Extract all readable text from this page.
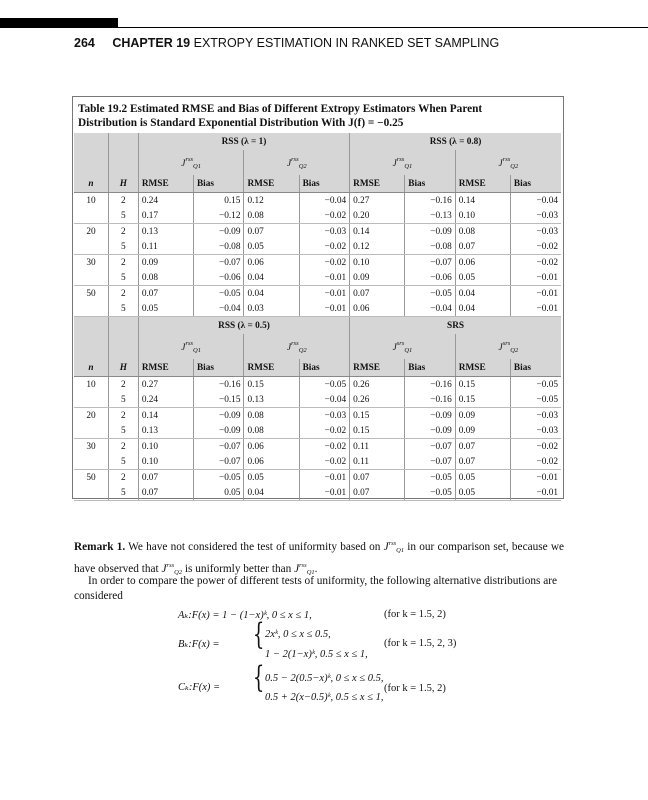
264 CHAPTER 19 EXTROPY ESTIMATION IN RANKED SET SAMPLING
Table 19.2 Estimated RMSE and Bias of Different Extropy Estimators When Parent
Distribution is Standard Exponential Distribution With J(f) = −0.25
		RSS (λ = 1)				RSS (λ = 0.8)			
		$J^{rss}_{Q1}$		$J^{rss}_{Q2}$		$J^{rss}_{Q1}$		$J^{rss}_{Q2}$
n	H	RMSE	Bias	RMSE	Bias	RMSE	Bias	RMSE	Bias
10	2	0.24	0.15	0.12	−0.04	0.27	−0.16	0.14	−0.04
	5	0.17	−0.12	0.08	−0.02	0.20	−0.13	0.10	−0.03
20	2	0.13	−0.09	0.07	−0.03	0.14	−0.09	0.08	−0.03
	5	0.11	−0.08	0.05	−0.02	0.12	−0.08	0.07	−0.02
30	2	0.09	−0.07	0.06	−0.02	0.10	−0.07	0.06	−0.02
	5	0.08	−0.06	0.04	−0.01	0.09	−0.06	0.05	−0.01
50	2	0.07	−0.05	0.04	−0.01	0.07	−0.05	0.04	−0.01
	5	0.05	−0.04	0.03	−0.01	0.06	−0.04	0.04	−0.01
		RSS (λ = 0.5)				SRS			
		$J^{rss}_{Q1}$		$J^{rss}_{Q2}$		$J^{srs}_{Q1}$		$J^{srs}_{Q2}$
n	H	RMSE	Bias	RMSE	Bias	RMSE	Bias	RMSE	Bias
10	2	0.27	−0.16	0.15	−0.05	0.26	−0.16	0.15	−0.05
	5	0.24	−0.15	0.13	−0.04	0.26	−0.16	0.15	−0.05
20	2	0.14	−0.09	0.08	−0.03	0.15	−0.09	0.09	−0.03
	5	0.13	−0.09	0.08	−0.02	0.15	−0.09	0.09	−0.03
30	2	0.10	−0.07	0.06	−0.02	0.11	−0.07	0.07	−0.02
	5	0.10	−0.07	0.06	−0.02	0.11	−0.07	0.07	−0.02
50	2	0.07	−0.05	0.05	−0.01	0.07	−0.05	0.05	−0.01
	5	0.07	0.05	0.04	−0.01	0.07	−0.05	0.05	−0.01
Remark 1. We have not considered the test of uniformity based on $J^{rss}_{Q1}$ in our comparison set, because we have observed that $J^{rss}_{Q2}$ is uniformly better than $J^{rss}_{Q1}$.
In order to compare the power of different tests of uniformity, the following alternative distributions are considered
Aₖ:F(x) = 1 − (1−x)ᵏ, 0 ≤ x ≤ 1,	(for k = 1.5, 2)
Bₖ:F(x) = { 2xᵏ, 0 ≤ x ≤ 0.5,
1 − 2(1−x)ᵏ, 0.5 ≤ x ≤ 1,
(for k = 1.5, 2, 3)
Cₖ:F(x) = { 0.5 − 2(0.5−x)ᵏ, 0 ≤ x ≤ 0.5,
0.5 + 2(x−0.5)ᵏ, 0.5 ≤ x ≤ 1,
(for k = 1.5, 2)
